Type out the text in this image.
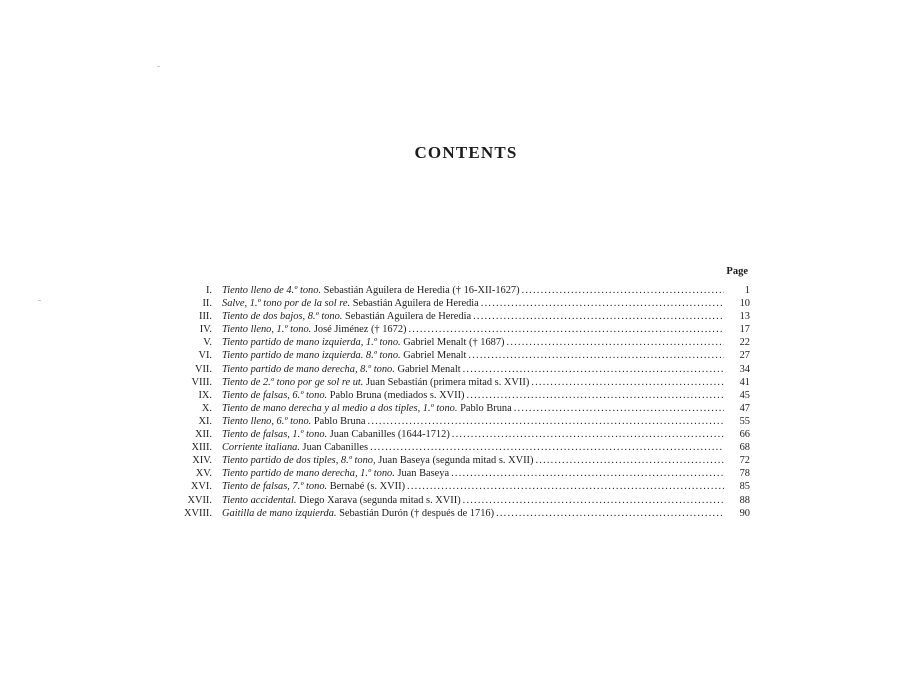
CONTENTS
Page
I. Tiento lleno de 4.º tono. Sebastián Aguilera de Heredia († 16-XII-1627) .....	1
II. Salve, 1.º tono por de la sol re. Sebastián Aguilera de Heredia .....	10
III. Tiento de dos bajos, 8.º tono. Sebastián Aguilera de Heredia .....	13
IV. Tiento lleno, 1.º tono. José Jiménez († 1672) .....	17
V. Tiento partido de mano izquierda, 1.º tono. Gabriel Menalt († 1687) .....	22
VI. Tiento partido de mano izquierda. 8.º tono. Gabriel Menalt .....	27
VII. Tiento partido de mano derecha, 8.º tono. Gabriel Menalt .....	34
VIII. Tiento de 2.º tono por ge sol re ut. Juan Sebastián (primera mitad s. XVII) .....	41
IX. Tiento de falsas, 6.º tono. Pablo Bruna (mediados s. XVII) .....	45
X. Tiento de mano derecha y al medio a dos tiples, 1.º tono. Pablo Bruna .....	47
XI. Tiento lleno, 6.º tono. Pablo Bruna .....	55
XII. Tiento de falsas, 1.º tono. Juan Cabanilles (1644-1712) .....	66
XIII. Corriente italiana. Juan Cabanilles .....	68
XIV. Tiento partido de dos tiples, 8.º tono, Juan Baseya (segunda mitad s. XVII) .....	72
XV. Tiento partido de mano derecha, 1.º tono. Juan Baseya .....	78
XVI. Tiento de falsas, 7.º tono. Bernabé (s. XVII) .....	85
XVII. Tiento accidental. Diego Xarava (segunda mitad s. XVII) .....	88
XVIII. Gaitilla de mano izquierda. Sebastián Durón († después de 1716) .....	90
